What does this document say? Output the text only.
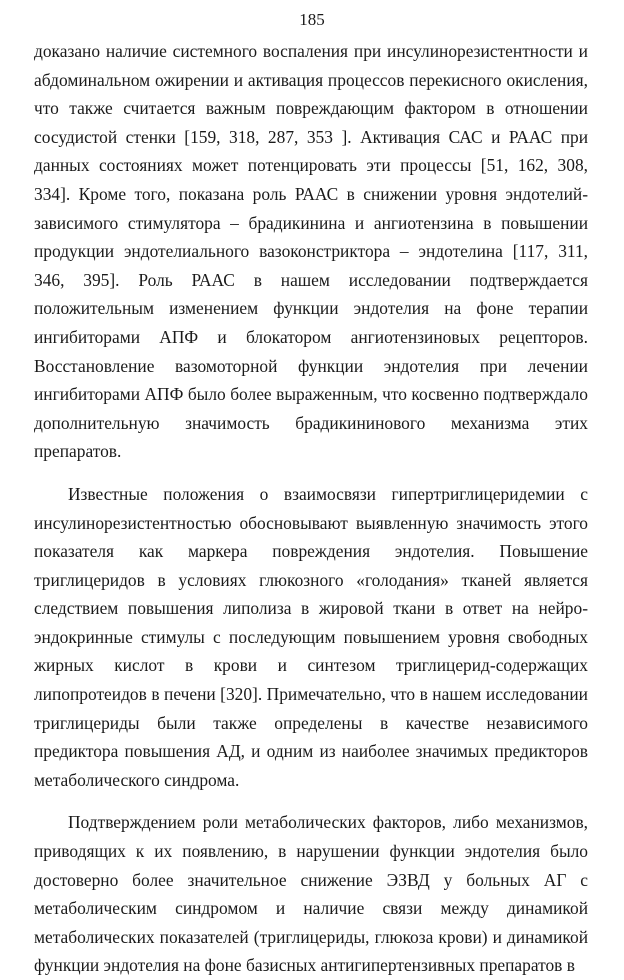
185

доказано наличие системного воспаления при инсулинорезистентности и абдоминальном ожирении и активация процессов перекисного окисления, что также считается важным повреждающим фактором в отношении сосудистой стенки [159, 318, 287, 353 ]. Активация САС и РААС при данных состояниях может потенцировать эти процессы [51, 162, 308, 334]. Кроме того, показана роль РААС в снижении уровня эндотелий-зависимого стимулятора – брадикинина и ангиотензина в повышении продукции эндотелиального вазоконстриктора – эндотелина [117, 311, 346, 395]. Роль РААС в нашем исследовании подтверждается положительным изменением функции эндотелия на фоне терапии ингибиторами АПФ и блокатором ангиотензиновых рецепторов. Восстановление вазомоторной функции эндотелия при лечении ингибиторами АПФ было более выраженным, что косвенно подтверждало дополнительную значимость брадикининового механизма этих препаратов.

Известные положения о взаимосвязи гипертриглицеридемии с инсулинорезистентностью обосновывают выявленную значимость этого показателя как маркера повреждения эндотелия. Повышение триглицеридов в условиях глюкозного «голодания» тканей является следствием повышения липолиза в жировой ткани в ответ на нейро-эндокринные стимулы с последующим повышением уровня свободных жирных кислот в крови и синтезом триглицерид-содержащих липопротеидов в печени [320]. Примечательно, что в нашем исследовании триглицериды были также определены в качестве независимого предиктора повышения АД, и одним из наиболее значимых предикторов метаболического синдрома.

Подтверждением роли метаболических факторов, либо механизмов, приводящих к их появлению, в нарушении функции эндотелия было достоверно более значительное снижение ЭЗВД у больных АГ с метаболическим синдромом и наличие связи между динамикой метаболических показателей (триглицериды, глюкоза крови) и динамикой функции эндотелия на фоне базисных антигипертензивных препаратов в
